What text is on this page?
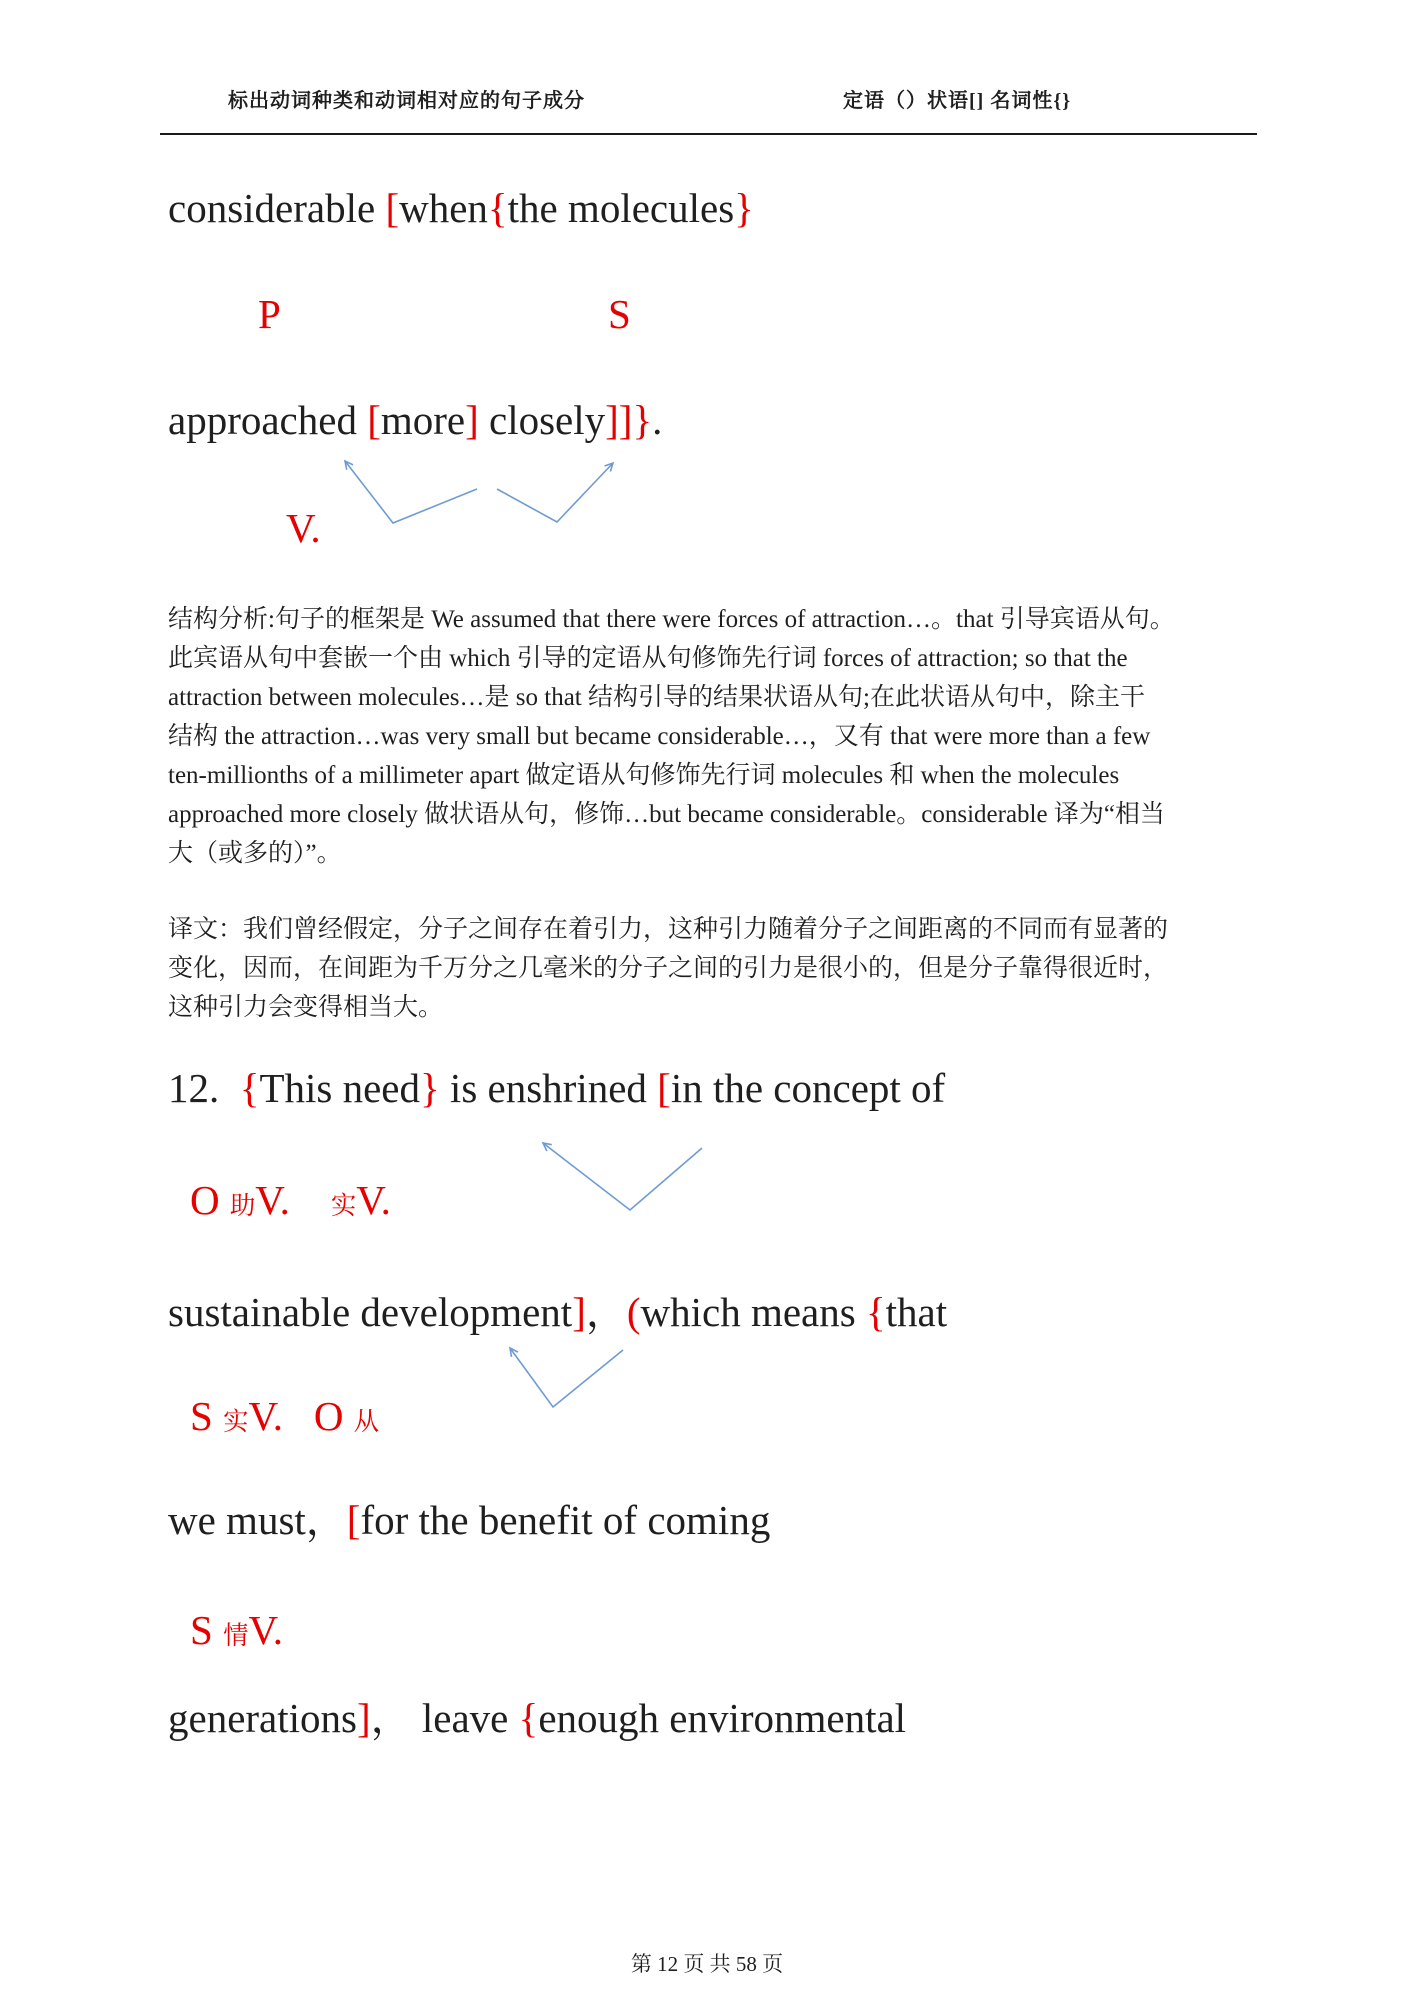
标出动词种类和动词相对应的句子成分	定语（）状语[] 名词性{}
considerable [when{the molecules}
P	S
approached [more] closely]]}.
V.
结构分析:句子的框架是 We assumed that there were forces of attraction…。that 引导宾语从句。
此宾语从句中套嵌一个由 which 引导的定语从句修饰先行词 forces of attraction; so that the
attraction between molecules…是 so that 结构引导的结果状语从句;在此状语从句中，除主干
结构 the attraction…was very small but became considerable…，又有 that were more than a few
ten-millionths of a millimeter apart 做定语从句修饰先行词 molecules 和 when the molecules
approached more closely 做状语从句，修饰…but became considerable。considerable 译为“相当
大（或多的）”。
译文：我们曾经假定，分子之间存在着引力，这种引力随着分子之间距离的不同而有显著的
变化，因而，在间距为千万分之几毫米的分子之间的引力是很小的，但是分子靠得很近时，
这种引力会变得相当大。
12.  {This need} is enshrined [in the concept of
O 助V. 实V.
sustainable development]，(which means {that
S 实V. O 从
we must，[for the benefit of coming
S 情V.
generations]， leave {enough environmental
第 12 页 共 58 页
